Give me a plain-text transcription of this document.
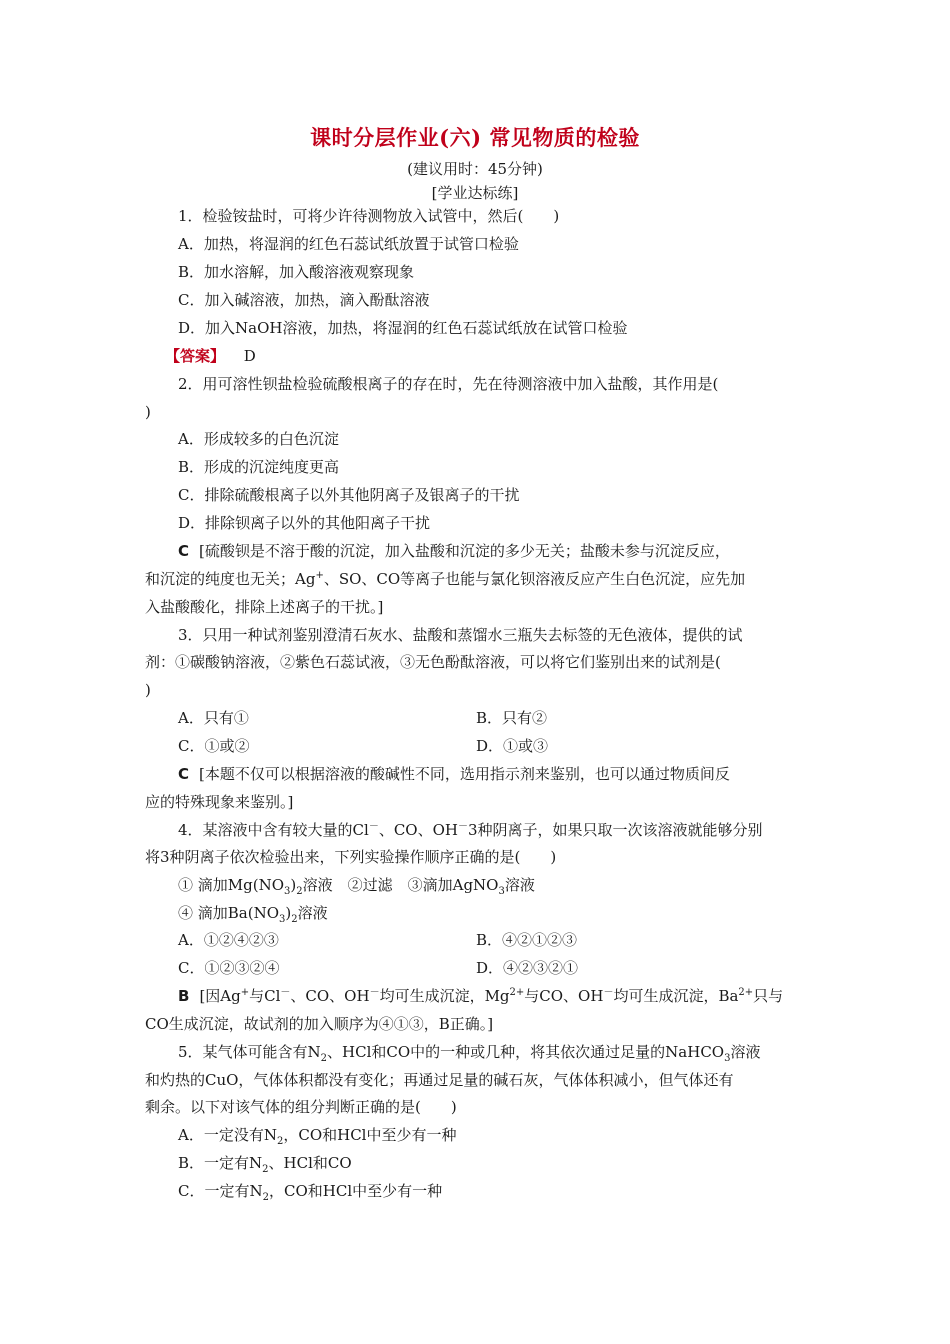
课时分层作业(六) 常见物质的检验
(建议用时：45分钟)
[学业达标练]
1．检验铵盐时，可将少许待测物放入试管中，然后(　　)
A．加热，将湿润的红色石蕊试纸放置于试管口检验
B．加水溶解，加入酸溶液观察现象
C．加入碱溶液，加热，滴入酚酞溶液
D．加入NaOH溶液，加热，将湿润的红色石蕊试纸放在试管口检验
【答案】 D
2．用可溶性钡盐检验硫酸根离子的存在时，先在待测溶液中加入盐酸，其作用是(
)
A．形成较多的白色沉淀
B．形成的沉淀纯度更高
C．排除硫酸根离子以外其他阴离子及银离子的干扰
D．排除钡离子以外的其他阳离子干扰
C [硫酸钡是不溶于酸的沉淀，加入盐酸和沉淀的多少无关；盐酸未参与沉淀反应，
和沉淀的纯度也无关；Ag+、SO、CO等离子也能与氯化钡溶液反应产生白色沉淀，应先加
入盐酸酸化，排除上述离子的干扰。]
3．只用一种试剂鉴别澄清石灰水、盐酸和蒸馏水三瓶失去标签的无色液体，提供的试
剂：①碳酸钠溶液，②紫色石蕊试液，③无色酚酞溶液，可以将它们鉴别出来的试剂是(
)
A．只有①	B．只有②
C．①或②	D．①或③
C [本题不仅可以根据溶液的酸碱性不同，选用指示剂来鉴别，也可以通过物质间反
应的特殊现象来鉴别。]
4．某溶液中含有较大量的Cl－、CO、OH－3种阴离子，如果只取一次该溶液就能够分别
将3种阴离子依次检验出来，下列实验操作顺序正确的是(　　)
① 滴加$Mg(NO_3)_2$溶液　②过滤　③滴加AgNO$_3$溶液
④ 滴加$Ba(NO_3)_2$溶液
A．①②④②③	B．④②①②③
C．①②③②④	D．④②③②①
B [因Ag+与Cl－、CO、OH－均可生成沉淀，$Mg^{2+}$与CO、OH－均可生成沉淀，$Ba^{2+}$只与
CO生成沉淀，故试剂的加入顺序为④①③，B正确。]
5．某气体可能含有$N_2$、HCl和CO中的一种或几种，将其依次通过足量的NaHCO$_3$溶液
和灼热的CuO，气体体积都没有变化；再通过足量的碱石灰，气体体积减小，但气体还有
剩余。以下对该气体的组分判断正确的是(　　)
A．一定没有$N_2$，CO和HCl中至少有一种
B．一定有$N_2$、HCl和CO
C．一定有$N_2$，CO和HCl中至少有一种
